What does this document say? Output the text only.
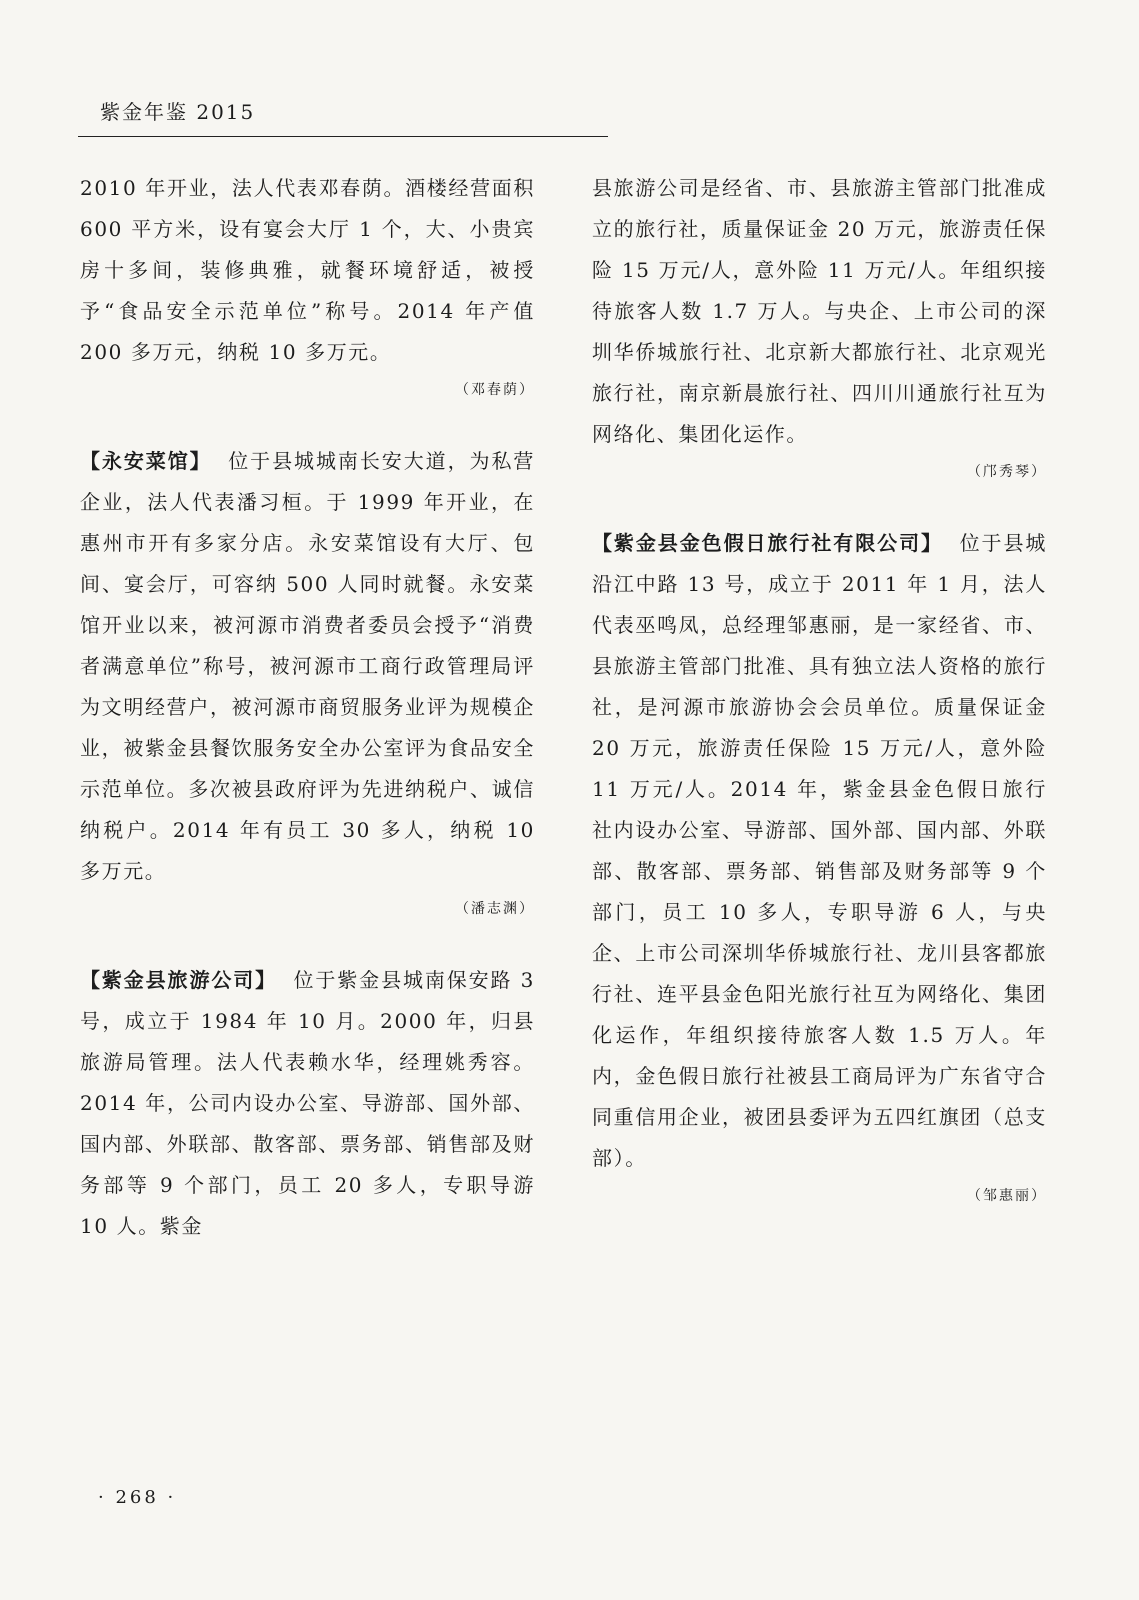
紫金年鉴 2015

2010 年开业，法人代表邓春荫。酒楼经营面积 600 平方米，设有宴会大厅 1 个，大、小贵宾房十多间，装修典雅，就餐环境舒适，被授予“食品安全示范单位”称号。2014 年产值 200 多万元，纳税 10 多万元。

（邓春荫）

【永安菜馆】 位于县城城南长安大道，为私营企业，法人代表潘习桓。于 1999 年开业，在惠州市开有多家分店。永安菜馆设有大厅、包间、宴会厅，可容纳 500 人同时就餐。永安菜馆开业以来，被河源市消费者委员会授予“消费者满意单位”称号，被河源市工商行政管理局评为文明经营户，被河源市商贸服务业评为规模企业，被紫金县餐饮服务安全办公室评为食品安全示范单位。多次被县政府评为先进纳税户、诚信纳税户。2014 年有员工 30 多人，纳税 10 多万元。

（潘志渊）

【紫金县旅游公司】 位于紫金县城南保安路 3 号，成立于 1984 年 10 月。2000 年，归县旅游局管理。法人代表赖水华，经理姚秀容。2014 年，公司内设办公室、导游部、国外部、国内部、外联部、散客部、票务部、销售部及财务部等 9 个部门，员工 20 多人，专职导游 10 人。紫金

县旅游公司是经省、市、县旅游主管部门批准成立的旅行社，质量保证金 20 万元，旅游责任保险 15 万元/人，意外险 11 万元/人。年组织接待旅客人数 1.7 万人。与央企、上市公司的深圳华侨城旅行社、北京新大都旅行社、北京观光旅行社，南京新晨旅行社、四川川通旅行社互为网络化、集团化运作。

（邝秀琴）

【紫金县金色假日旅行社有限公司】 位于县城沿江中路 13 号，成立于 2011 年 1 月，法人代表巫鸣凤，总经理邹惠丽，是一家经省、市、县旅游主管部门批准、具有独立法人资格的旅行社，是河源市旅游协会会员单位。质量保证金 20 万元，旅游责任保险 15 万元/人，意外险 11 万元/人。2014 年，紫金县金色假日旅行社内设办公室、导游部、国外部、国内部、外联部、散客部、票务部、销售部及财务部等 9 个部门，员工 10 多人，专职导游 6 人，与央企、上市公司深圳华侨城旅行社、龙川县客都旅行社、连平县金色阳光旅行社互为网络化、集团化运作，年组织接待旅客人数 1.5 万人。年内，金色假日旅行社被县工商局评为广东省守合同重信用企业，被团县委评为五四红旗团（总支部）。

（邹惠丽）

· 268 ·
